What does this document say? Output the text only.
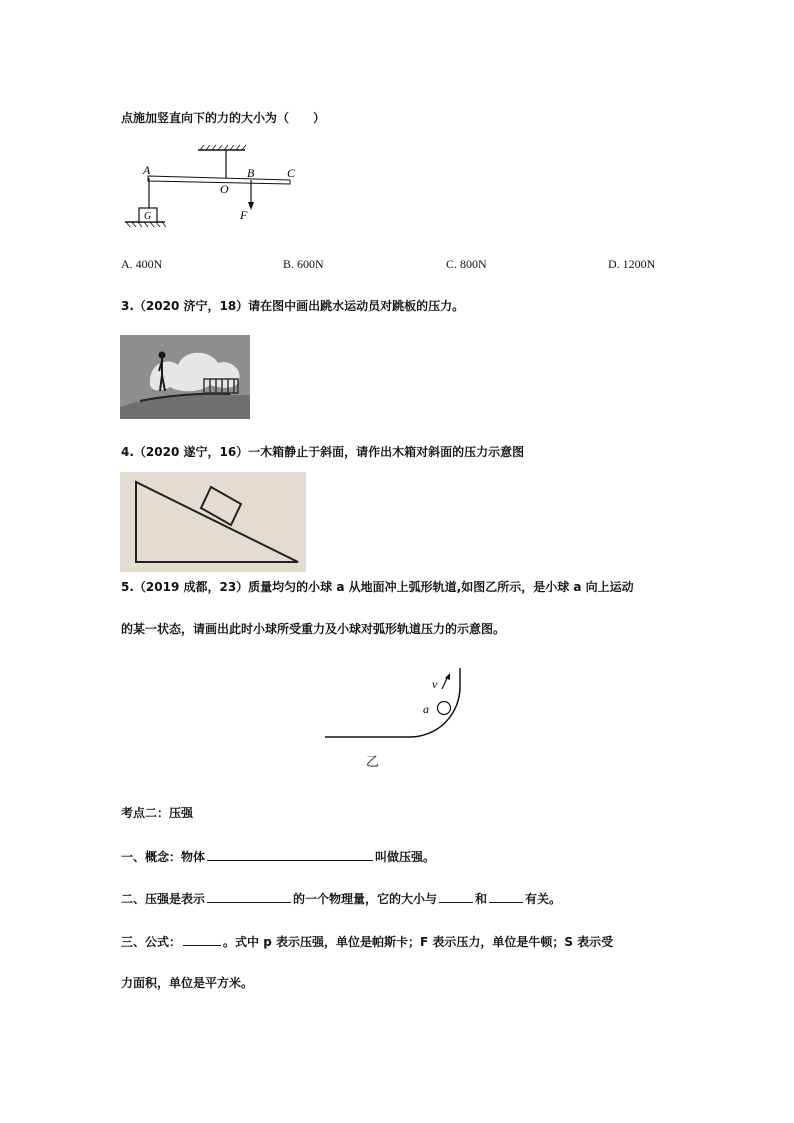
点施加竖直向下的力的大小为（　　）
A
O
B	C
G	F
A. 400N	B. 600N	C. 800N	D. 1200N
3.（2020 济宁，18）请在图中画出跳水运动员对跳板的压力。
4.（2020 遂宁，16）一木箱静止于斜面，请作出木箱对斜面的压力示意图
5.（2019 成都，23）质量均匀的小球 a 从地面冲上弧形轨道,如图乙所示，是小球 a 向上运动
的某一状态，请画出此时小球所受重力及小球对弧形轨道压力的示意图。
v
a
乙
考点二：压强
一、概念：物体	叫做压强。
二、压强是表示	的一个物理量，它的大小与	和	有关。
三、公式：	。式中 p 表示压强，单位是帕斯卡；F 表示压力，单位是牛顿；S 表示受
力面积，单位是平方米。
